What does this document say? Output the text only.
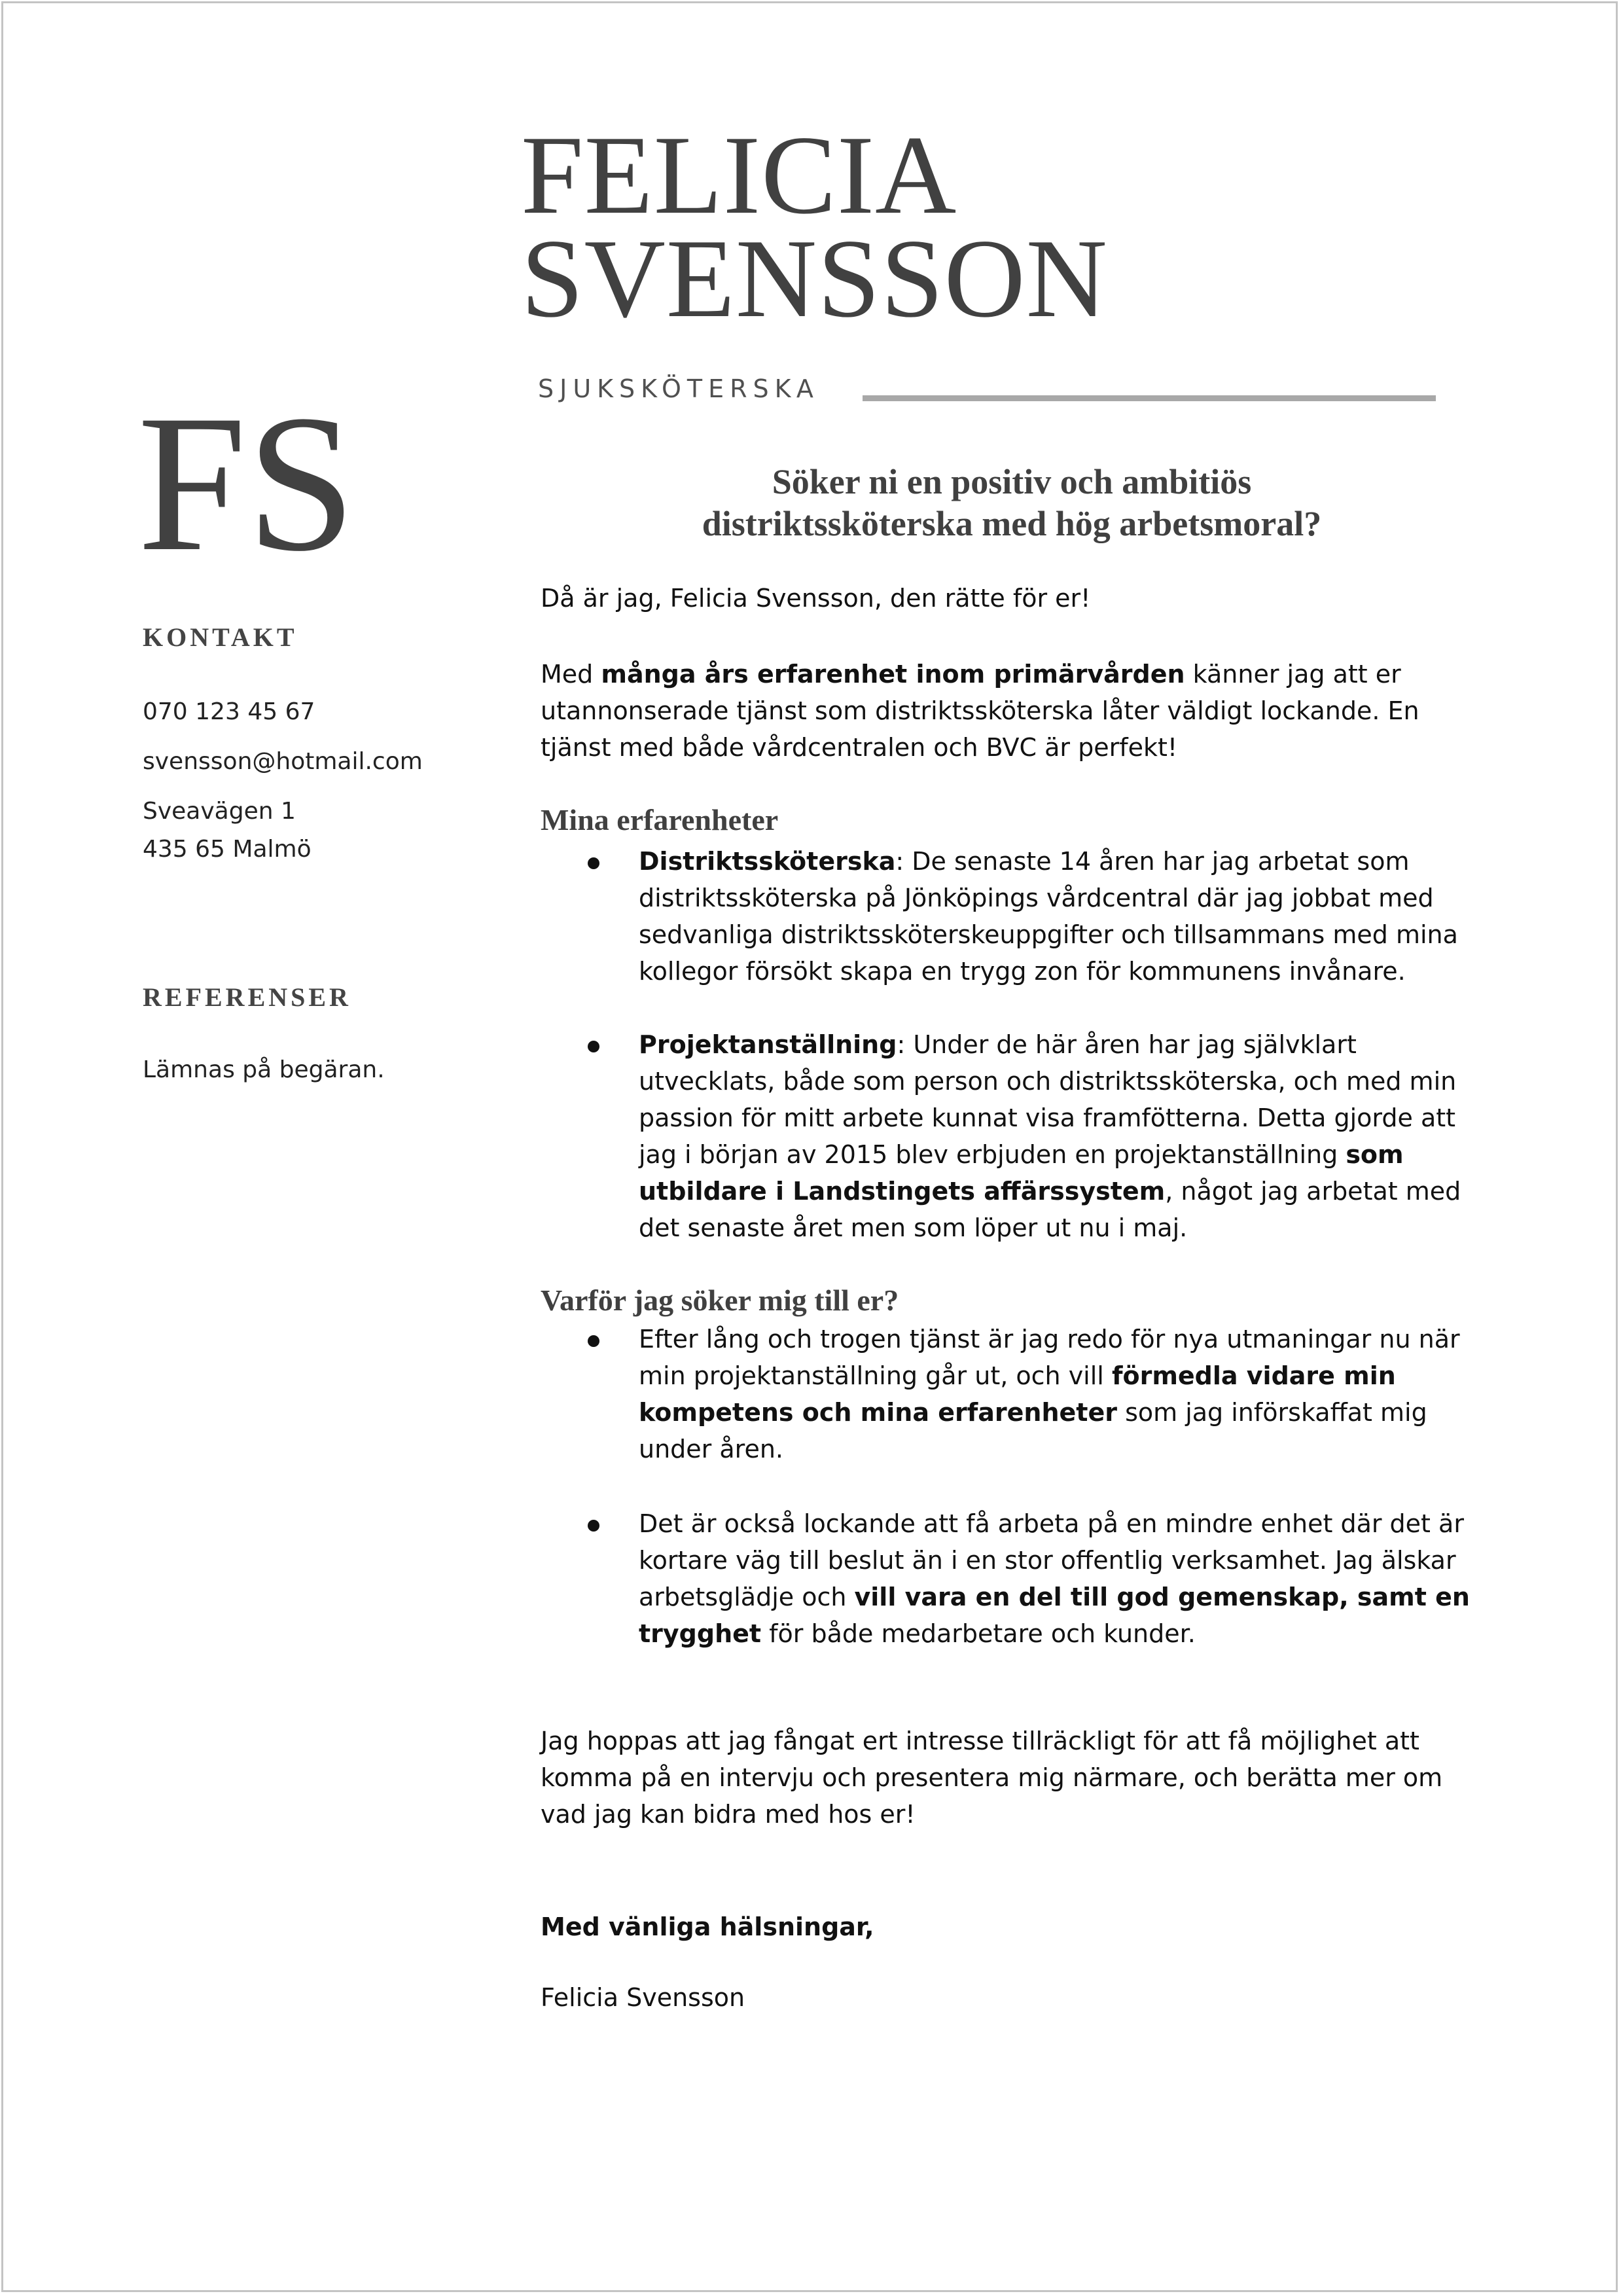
FELICIA
SVENSSON
SJUKSKÖTERSKA
FS
KONTAKT
070 123 45 67
svensson@hotmail.com
Sveavägen 1
435 65 Malmö
REFERENSER
Lämnas på begäran.
Söker ni en positiv och ambitiös
distriktssköterska med hög arbetsmoral?
Då är jag, Felicia Svensson, den rätte för er!
Med många års erfarenhet inom primärvården känner jag att er utannonserade tjänst som distriktssköterska låter väldigt lockande. En tjänst med både vårdcentralen och BVC är perfekt!
Mina erfarenheter
Distriktssköterska: De senaste 14 åren har jag arbetat som distriktssköterska på Jönköpings vårdcentral där jag jobbat med sedvanliga distriktssköterskeuppgifter och tillsammans med mina kollegor försökt skapa en trygg zon för kommunens invånare.
Projektanställning: Under de här åren har jag självklart utvecklats, både som person och distriktssköterska, och med min passion för mitt arbete kunnat visa framfötterna. Detta gjorde att jag i början av 2015 blev erbjuden en projektanställning som utbildare i Landstingets affärssystem, något jag arbetat med det senaste året men som löper ut nu i maj.
Varför jag söker mig till er?
Efter lång och trogen tjänst är jag redo för nya utmaningar nu när min projektanställning går ut, och vill förmedla vidare min kompetens och mina erfarenheter som jag införskaffat mig under åren.
Det är också lockande att få arbeta på en mindre enhet där det är kortare väg till beslut än i en stor offentlig verksamhet. Jag älskar arbetsglädje och vill vara en del till god gemenskap, samt en trygghet för både medarbetare och kunder.
Jag hoppas att jag fångat ert intresse tillräckligt för att få möjlighet att komma på en intervju och presentera mig närmare, och berätta mer om vad jag kan bidra med hos er!
Med vänliga hälsningar,
Felicia Svensson
